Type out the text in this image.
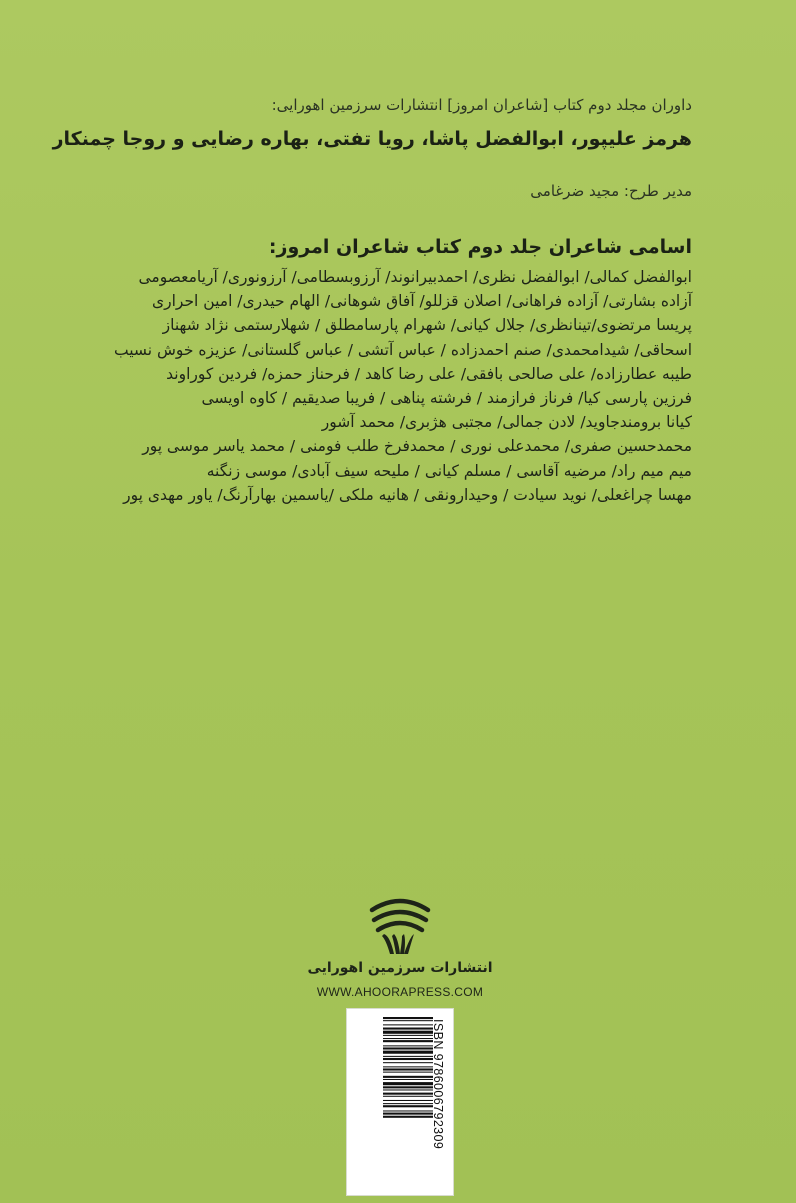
داوران مجلد دوم کتاب [شاعران امروز] انتشارات سرزمین اهورایی:
هرمز علیپور، ابوالفضل پاشا، رویا تفتی، بهاره رضایی و روجا چمنکار
مدیر طرح: مجید ضرغامی
اسامی شاعران جلد دوم کتاب شاعران امروز:
ابوالفضل کمالی/ ابوالفضل نظری/ احمدبیرانوند/ آرزوبسطامی/ آرزونوری/ آریامعصومی
آزاده بشارتی/ آزاده فراهانی/ اصلان قزللو/ آفاق شوهانی/ الهام حیدری/ امین احراری
پریسا مرتضوی/تینانظری/ جلال کیانی/ شهرام پارسامطلق / شهلارستمی نژاد شهناز
اسحاقی/ شیدامحمدی/ صنم احمدزاده / عباس آتشی / عباس گلستانی/ عزیزه خوش نسیب
طیبه عطارزاده/ علی صالحی بافقی/ علی رضا کاهد / فرحناز حمزه/ فردین کوراوند
فرزین پارسی کیا/ فرناز فرازمند / فرشته پناهی / فریبا صدیقیم / کاوه اویسی
کیانا برومندجاوید/ لادن جمالی/ مجتبی هژبری/ محمد آشور
محمدحسین صفری/ محمدعلی نوری / محمدفرخ طلب فومنی / محمد یاسر موسی پور
میم میم راد/ مرضیه آقاسی / مسلم کیانی / ملیحه سیف آبادی/ موسی زنگنه
مهسا چراغعلی/ نوید سیادت / وحیدارونقی / هانیه ملکی /یاسمین بهارآرنگ/ یاور مهدی پور
انتشارات سرزمین اهورایی
WWW.AHOORAPRESS.COM
ISBN 9786006792309
